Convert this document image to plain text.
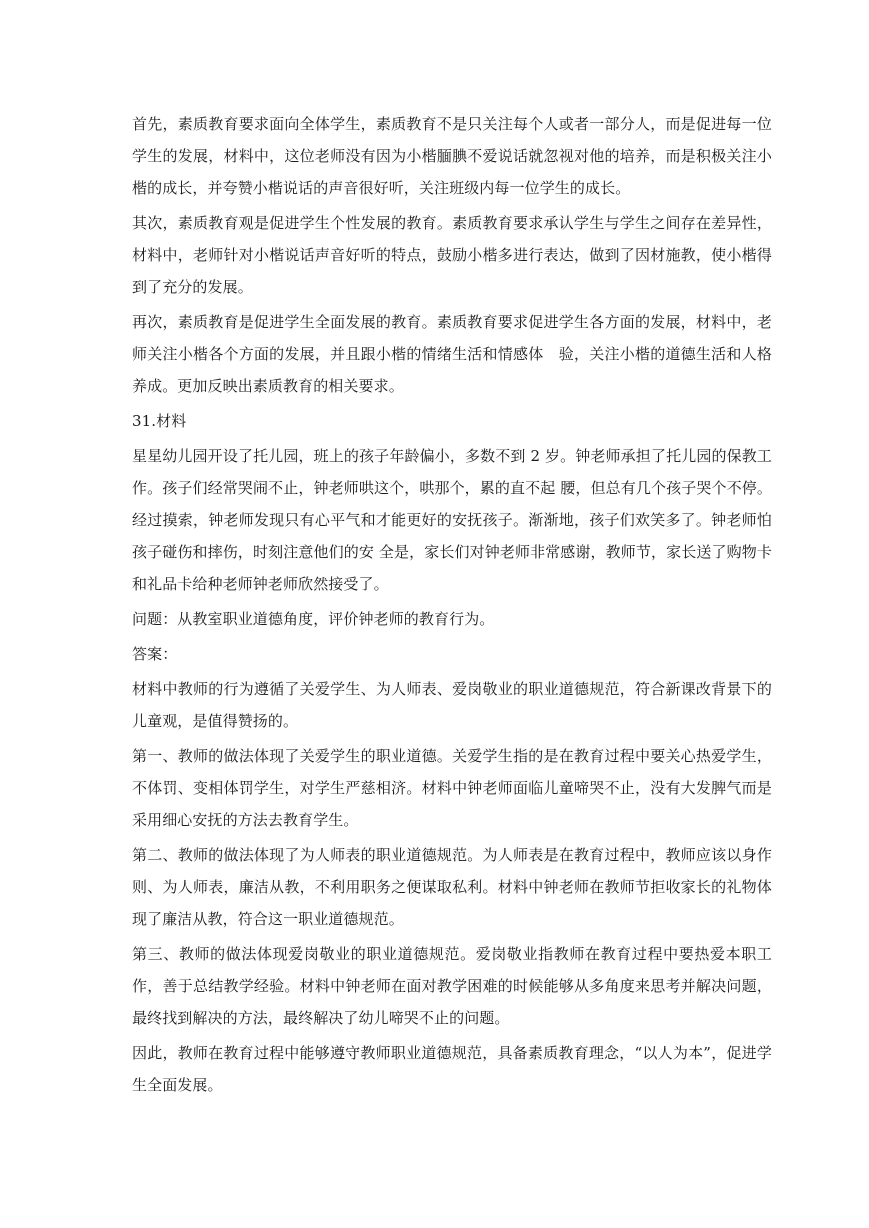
首先，素质教育要求面向全体学生，素质教育不是只关注每个人或者一部分人，而是促进每一位学生的发展，材料中，这位老师没有因为小楷腼腆不爱说话就忽视对他的培养，而是积极关注小楷的成长，并夸赞小楷说话的声音很好听，关注班级内每一位学生的成长。

其次，素质教育观是促进学生个性发展的教育。素质教育要求承认学生与学生之间存在差异性，材料中，老师针对小楷说话声音好听的特点，鼓励小楷多进行表达，做到了因材施教，使小楷得到了充分的发展。

再次，素质教育是促进学生全面发展的教育。素质教育要求促进学生各方面的发展，材料中，老师关注小楷各个方面的发展，并且跟小楷的情绪生活和情感体　验，关注小楷的道德生活和人格养成。更加反映出素质教育的相关要求。

31.材料

星星幼儿园开设了托儿园，班上的孩子年龄偏小，多数不到 2 岁。钟老师承担了托儿园的保教工作。孩子们经常哭闹不止，钟老师哄这个，哄那个，累的直不起 腰，但总有几个孩子哭个不停。经过摸索，钟老师发现只有心平气和才能更好的安抚孩子。渐渐地，孩子们欢笑多了。钟老师怕孩子碰伤和摔伤，时刻注意他们的安 全是，家长们对钟老师非常感谢，教师节，家长送了购物卡和礼品卡给种老师钟老师欣然接受了。

问题：从教室职业道德角度，评价钟老师的教育行为。

答案：

材料中教师的行为遵循了关爱学生、为人师表、爱岗敬业的职业道德规范，符合新课改背景下的儿童观，是值得赞扬的。

第一、教师的做法体现了关爱学生的职业道德。关爱学生指的是在教育过程中要关心热爱学生，不体罚、变相体罚学生，对学生严慈相济。材料中钟老师面临儿童啼哭不止，没有大发脾气而是采用细心安抚的方法去教育学生。

第二、教师的做法体现了为人师表的职业道德规范。为人师表是在教育过程中，教师应该以身作则、为人师表，廉洁从教，不利用职务之便谋取私利。材料中钟老师在教师节拒收家长的礼物体现了廉洁从教，符合这一职业道德规范。

第三、教师的做法体现爱岗敬业的职业道德规范。爱岗敬业指教师在教育过程中要热爱本职工作，善于总结教学经验。材料中钟老师在面对教学困难的时候能够从多角度来思考并解决问题，最终找到解决的方法，最终解决了幼儿啼哭不止的问题。

因此，教师在教育过程中能够遵守教师职业道德规范，具备素质教育理念，“以人为本”，促进学生全面发展。
